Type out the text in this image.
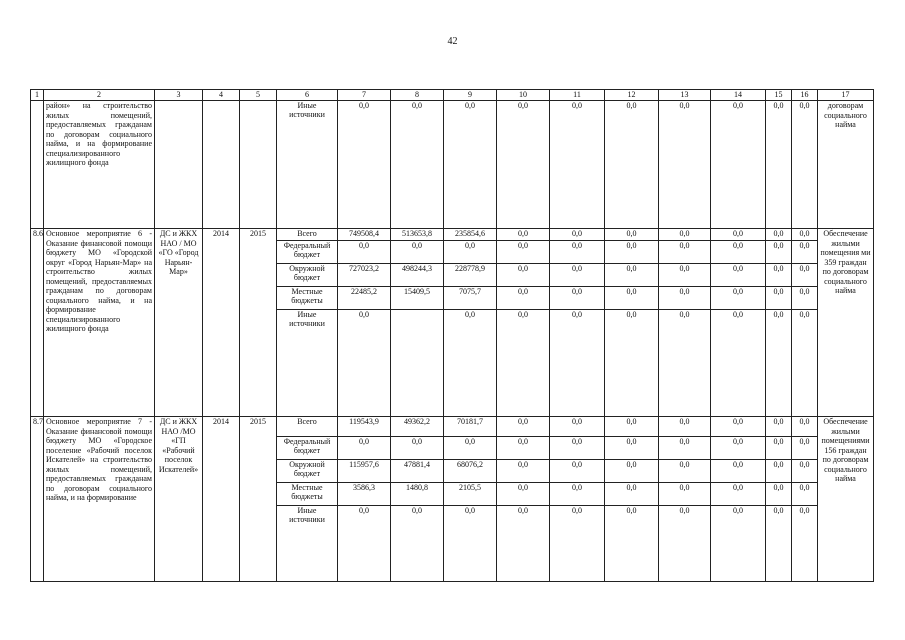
42
1	2	3	4	5	6	7	8	9	10	11	12	13	14	15	16	17
	район» на строительство жилых помещений, предоставляемых гражданам по договорам социального найма, и на формирование специализированного жилищного фонда				Иные источники	0,0	0,0	0,0	0,0	0,0	0,0	0,0	0,0	0,0	0,0	договорам социального найма
8.6	Основное мероприятие 6 - Оказание финансовой помощи бюджету МО «Городской округ «Город Нарьян-Мар» на строительство жилых помещений, предоставляемых гражданам по договорам социального найма, и на формирование специализированного жилищного фонда	ДС и ЖКХ НАО / МО «ГО «Город Нарьян-Мар»	2014	2015	Всего	749508,4	513653,8	235854,6	0,0	0,0	0,0	0,0	0,0	0,0	0,0	Обеспечение жилыми помещения ми 359 граждан по договорам социального найма
					Федеральный бюджет	0,0	0,0	0,0	0,0	0,0	0,0	0,0	0,0	0,0	0,0	
					Окружной бюджет	727023,2	498244,3	228778,9	0,0	0,0	0,0	0,0	0,0	0,0	0,0	
					Местные бюджеты	22485,2	15409,5	7075,7	0,0	0,0	0,0	0,0	0,0	0,0	0,0	
					Иные источники	0,0		0,0	0,0	0,0	0,0	0,0	0,0	0,0	0,0	
8.7	Основное мероприятие 7 - Оказание финансовой помощи бюджету МО «Городское поселение «Рабочий поселок Искателей» на строительство жилых помещений, предоставляемых гражданам по договорам социального найма, и на формирование	ДС и ЖКХ НАО /МО «ГП «Рабочий поселок Искателей»	2014	2015	Всего	119543,9	49362,2	70181,7	0,0	0,0	0,0	0,0	0,0	0,0	0,0	Обеспечение жилыми помещениями 156 граждан по договорам социального найма
					Федеральный бюджет	0,0	0,0	0,0	0,0	0,0	0,0	0,0	0,0	0,0	0,0	
					Окружной бюджет	115957,6	47881,4	68076,2	0,0	0,0	0,0	0,0	0,0	0,0	0,0	
					Местные бюджеты	3586,3	1480,8	2105,5	0,0	0,0	0,0	0,0	0,0	0,0	0,0	
					Иные источники	0,0	0,0	0,0	0,0	0,0	0,0	0,0	0,0	0,0	0,0	
